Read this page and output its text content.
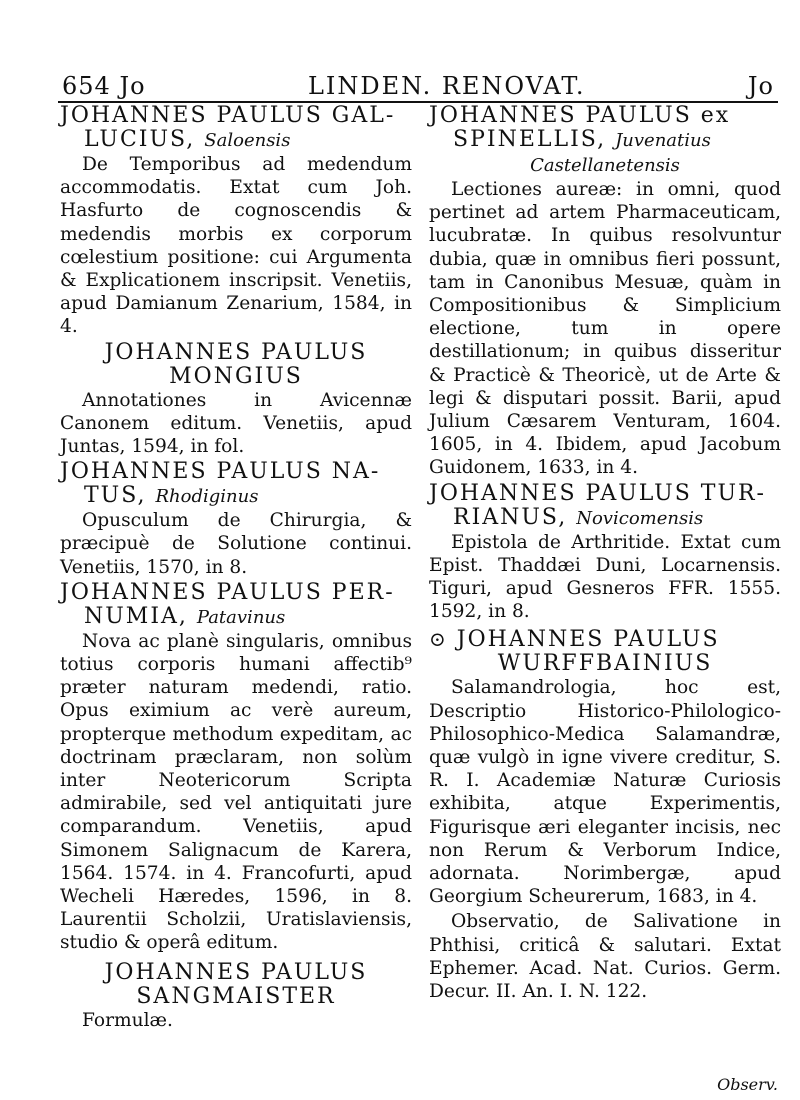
654 Jo	LINDEN. RENOVAT.	Jo

JOHANNES PAULUS GAL-
LUCIUS, Saloensis

De Temporibus ad medendum accommodatis. Extat cum Joh. Hasfurto de cognoscendis & medendis morbis ex corporum cœlestium positione: cui Argumenta & Explicationem inscripsit. Venetiis, apud Damianum Zenarium, 1584, in 4.

JOHANNES PAULUS
MONGIUS

Annotationes in Avicennæ Canonem editum. Venetiis, apud Juntas, 1594, in fol.

JOHANNES PAULUS NA-
TUS, Rhodiginus

Opusculum de Chirurgia, & præcipuè de Solutione continui. Venetiis, 1570, in 8.

JOHANNES PAULUS PER-
NUMIA, Patavinus

Nova ac planè singularis, omnibus totius corporis humani affectib⁹ præter naturam medendi, ratio. Opus eximium ac verè aureum, propterque methodum expeditam, ac doctrinam præclaram, non solùm inter Neotericorum Scripta admirabile, sed vel antiquitati jure comparandum. Venetiis, apud Simonem Salignacum de Karera, 1564. 1574. in 4. Francofurti, apud Wecheli Hæredes, 1596, in 8. Laurentii Scholzii, Uratislaviensis, studio & operâ editum.

JOHANNES PAULUS
SANGMAISTER

Formulæ.

JOHANNES PAULUS ex
SPINELLIS, Juvenatius
Castellanetensis

Lectiones aureæ: in omni, quod pertinet ad artem Pharmaceuticam, lucubratæ. In quibus resolvuntur dubia, quæ in omnibus fieri possunt, tam in Canonibus Mesuæ, quàm in Compositionibus & Simplicium electione, tum in opere destillationum; in quibus disseritur & Practicè & Theoricè, ut de Arte & legi & disputari possit. Barii, apud Julium Cæsarem Venturam, 1604. 1605, in 4. Ibidem, apud Jacobum Guidonem, 1633, in 4.

JOHANNES PAULUS TUR-
RIANUS, Novicomensis

Epistola de Arthritide. Extat cum Epist. Thaddæi Duni, Locarnensis. Tiguri, apud Gesneros FFR. 1555. 1592, in 8.

⊙ JOHANNES PAULUS
WURFFBAINIUS

Salamandrologia, hoc est, Descriptio Historico-Philologico-Philosophico-Medica Salamandræ, quæ vulgò in igne vivere creditur, S. R. I. Academiæ Naturæ Curiosis exhibita, atque Experimentis, Figurisque æri eleganter incisis, nec non Rerum & Verborum Indice, adornata. Norimbergæ, apud Georgium Scheurerum, 1683, in 4.

Observatio, de Salivatione in Phthisi, criticâ & salutari. Extat Ephemer. Acad. Nat. Curios. Germ. Decur. II. An. I. N. 122.

Observ.
